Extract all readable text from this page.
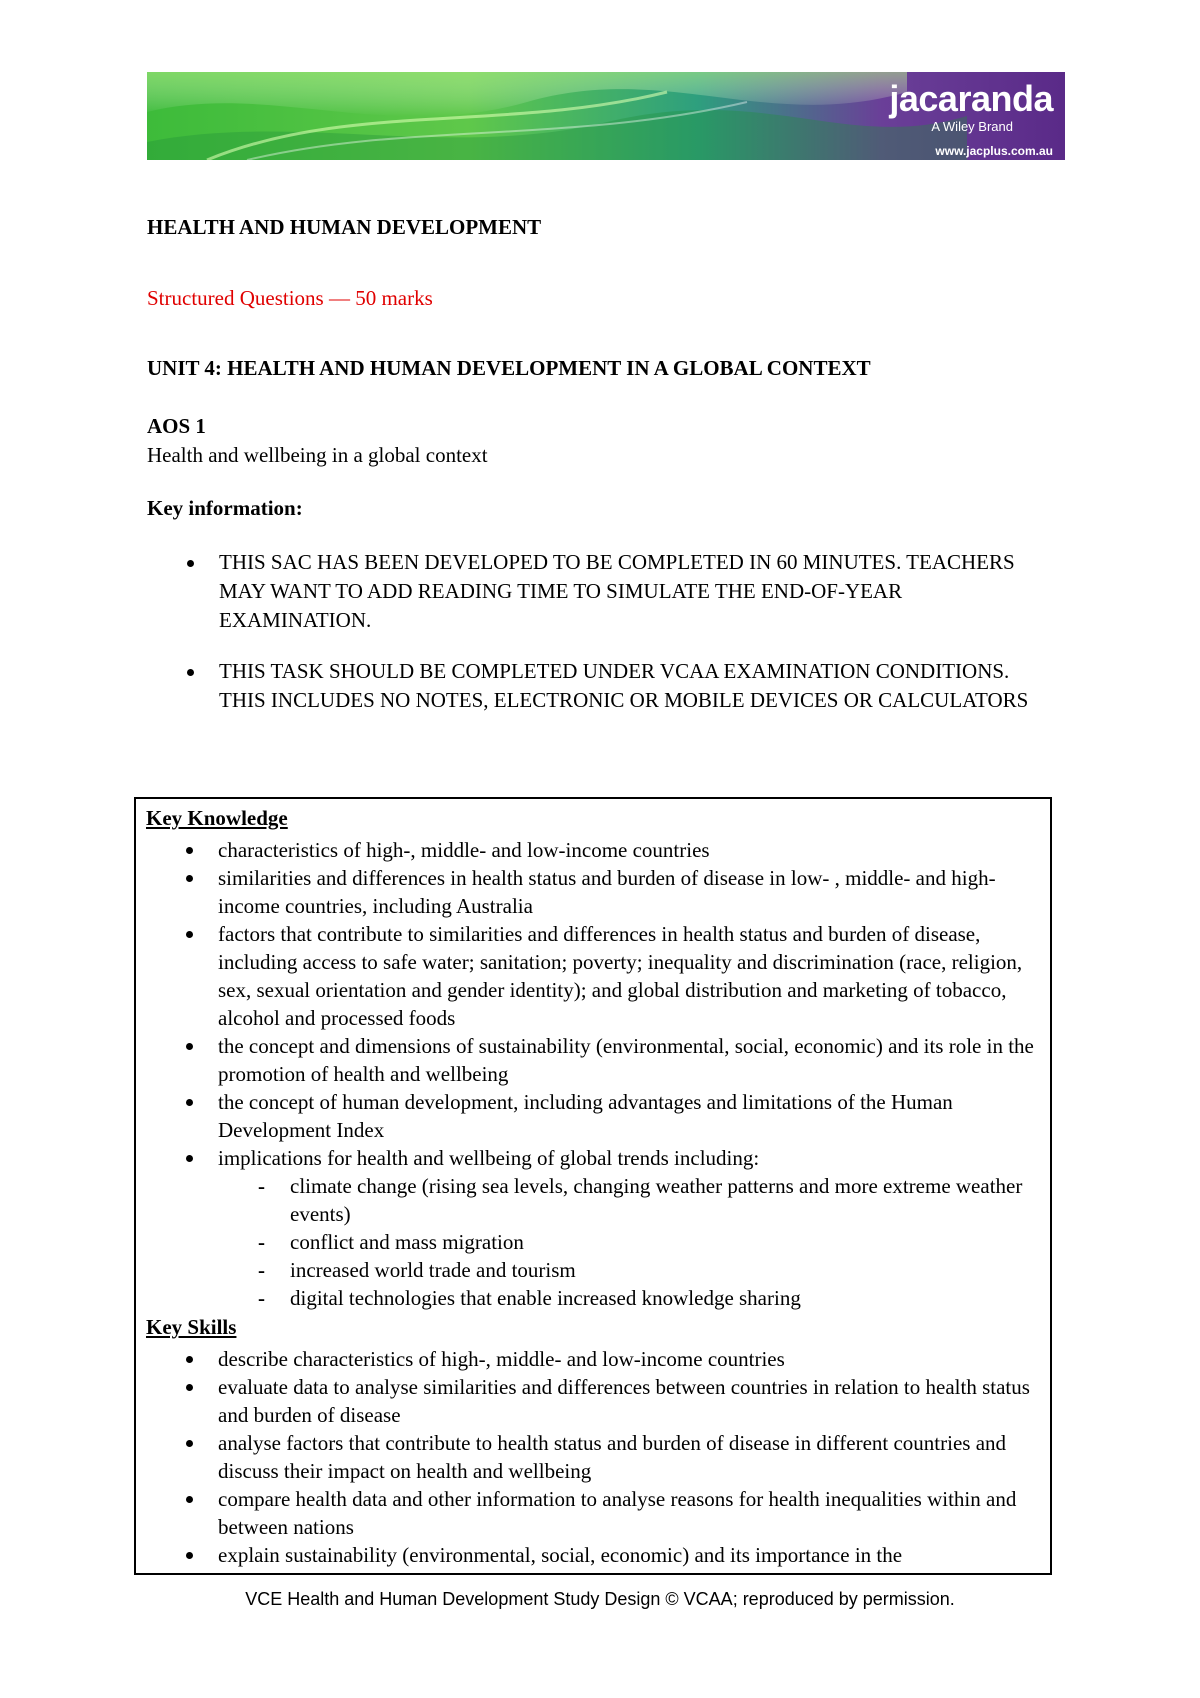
jacaranda
A Wiley Brand
www.jacplus.com.au

HEALTH AND HUMAN DEVELOPMENT

Structured Questions — 50 marks

UNIT 4: HEALTH AND HUMAN DEVELOPMENT IN A GLOBAL CONTEXT

AOS 1

Health and wellbeing in a global context

Key information:

THIS SAC HAS BEEN DEVELOPED TO BE COMPLETED IN 60 MINUTES. TEACHERS MAY WANT TO ADD READING TIME TO SIMULATE THE END-OF-YEAR EXAMINATION.
THIS TASK SHOULD BE COMPLETED UNDER VCAA EXAMINATION CONDITIONS. THIS INCLUDES NO NOTES, ELECTRONIC OR MOBILE DEVICES OR CALCULATORS

Key Knowledge

characteristics of high-, middle- and low-income countries
similarities and differences in health status and burden of disease in low- , middle- and high-income countries, including Australia
factors that contribute to similarities and differences in health status and burden of disease, including access to safe water; sanitation; poverty; inequality and discrimination (race, religion, sex, sexual orientation and gender identity); and global distribution and marketing of tobacco, alcohol and processed foods
the concept and dimensions of sustainability (environmental, social, economic) and its role in the promotion of health and wellbeing
the concept of human development, including advantages and limitations of the Human Development Index
implications for health and wellbeing of global trends including:
- climate change (rising sea levels, changing weather patterns and more extreme weather events)
- conflict and mass migration
- increased world trade and tourism
- digital technologies that enable increased knowledge sharing

Key Skills

describe characteristics of high-, middle- and low-income countries
evaluate data to analyse similarities and differences between countries in relation to health status and burden of disease
analyse factors that contribute to health status and burden of disease in different countries and discuss their impact on health and wellbeing
compare health data and other information to analyse reasons for health inequalities within and between nations
explain sustainability (environmental, social, economic) and its importance in the
VCE Health and Human Development Study Design © VCAA; reproduced by permission.
